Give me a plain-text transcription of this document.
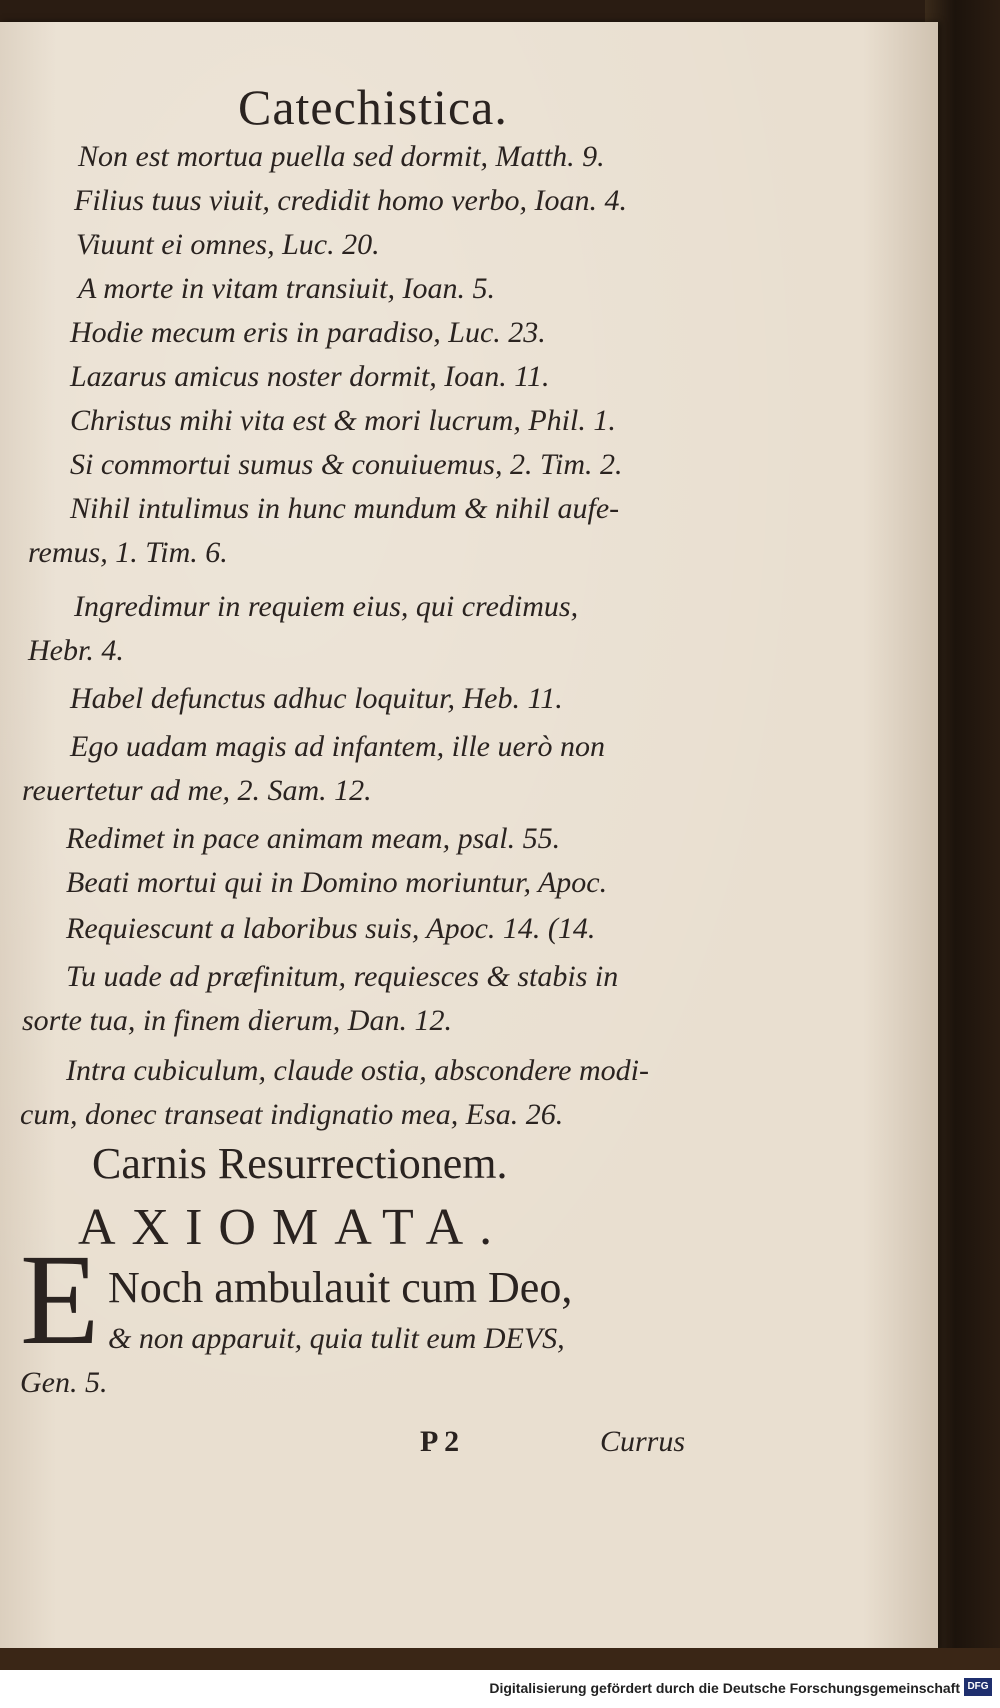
Catechistica.
Non est mortua puella sed dormit, Matth. 9.
Filius tuus viuit, credidit homo verbo, Ioan. 4.
Viuunt ei omnes, Luc. 20.
A morte in vitam transiuit, Ioan. 5.
Hodie mecum eris in paradiso, Luc. 23.
Lazarus amicus noster dormit, Ioan. 11.
Christus mihi vita est & mori lucrum, Phil. 1.
Si commortui sumus & conuiuemus, 2. Tim. 2.
Nihil intulimus in hunc mundum & nihil aufe-
remus, 1. Tim. 6.
Ingredimur in requiem eius, qui credimus,
Hebr. 4.
Habel defunctus adhuc loquitur, Heb. 11.
Ego uadam magis ad infantem, ille uerò non
reuertetur ad me, 2. Sam. 12.
Redimet in pace animam meam, psal. 55.
Beati mortui qui in Domino moriuntur, Apoc.
Requiescunt a laboribus suis, Apoc. 14. (14.
Tu uade ad præfinitum, requiesces & stabis in
sorte tua, in finem dierum, Dan. 12.
Intra cubiculum, claude ostia, abscondere modi-
cum, donec transeat indignatio mea, Esa. 26.
Carnis Resurrectionem.
AXIOMATA.
E Noch ambulauit cum Deo,
& non apparuit, quia tulit eum DEVS,
Gen. 5.
P 2	Currus
Digitalisierung gefördert durch die Deutsche Forschungsgemeinschaft DFG
